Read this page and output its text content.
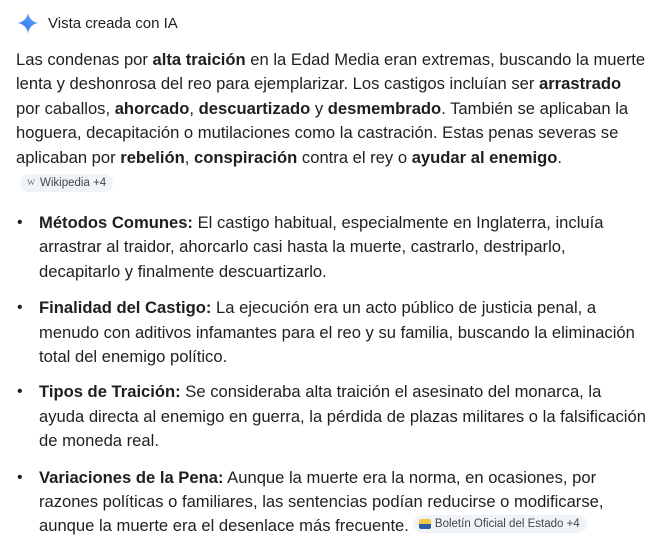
Vista creada con IA

Las condenas por alta traición en la Edad Media eran extremas, buscando la muerte lenta y deshonrosa del reo para ejemplarizar. Los castigos incluían ser arrastrado por caballos, ahorcado, descuartizado y desmembrado. También se aplicaban la hoguera, decapitación o mutilaciones como la castración. Estas penas severas se aplicaban por rebelión, conspiración contra el rey o ayudar al enemigo.
W Wikipedia +4

• Métodos Comunes: El castigo habitual, especialmente en Inglaterra, incluía arrastrar al traidor, ahorcarlo casi hasta la muerte, castrarlo, destriparlo, decapitarlo y finalmente descuartizarlo.
• Finalidad del Castigo: La ejecución era un acto público de justicia penal, a menudo con aditivos infamantes para el reo y su familia, buscando la eliminación total del enemigo político.
• Tipos de Traición: Se consideraba alta traición el asesinato del monarca, la ayuda directa al enemigo en guerra, la pérdida de plazas militares o la falsificación de moneda real.
• Variaciones de la Pena: Aunque la muerte era la norma, en ocasiones, por razones políticas o familiares, las sentencias podían reducirse o modificarse, aunque la muerte era el desenlace más frecuente. Boletín Oficial del Estado +4
